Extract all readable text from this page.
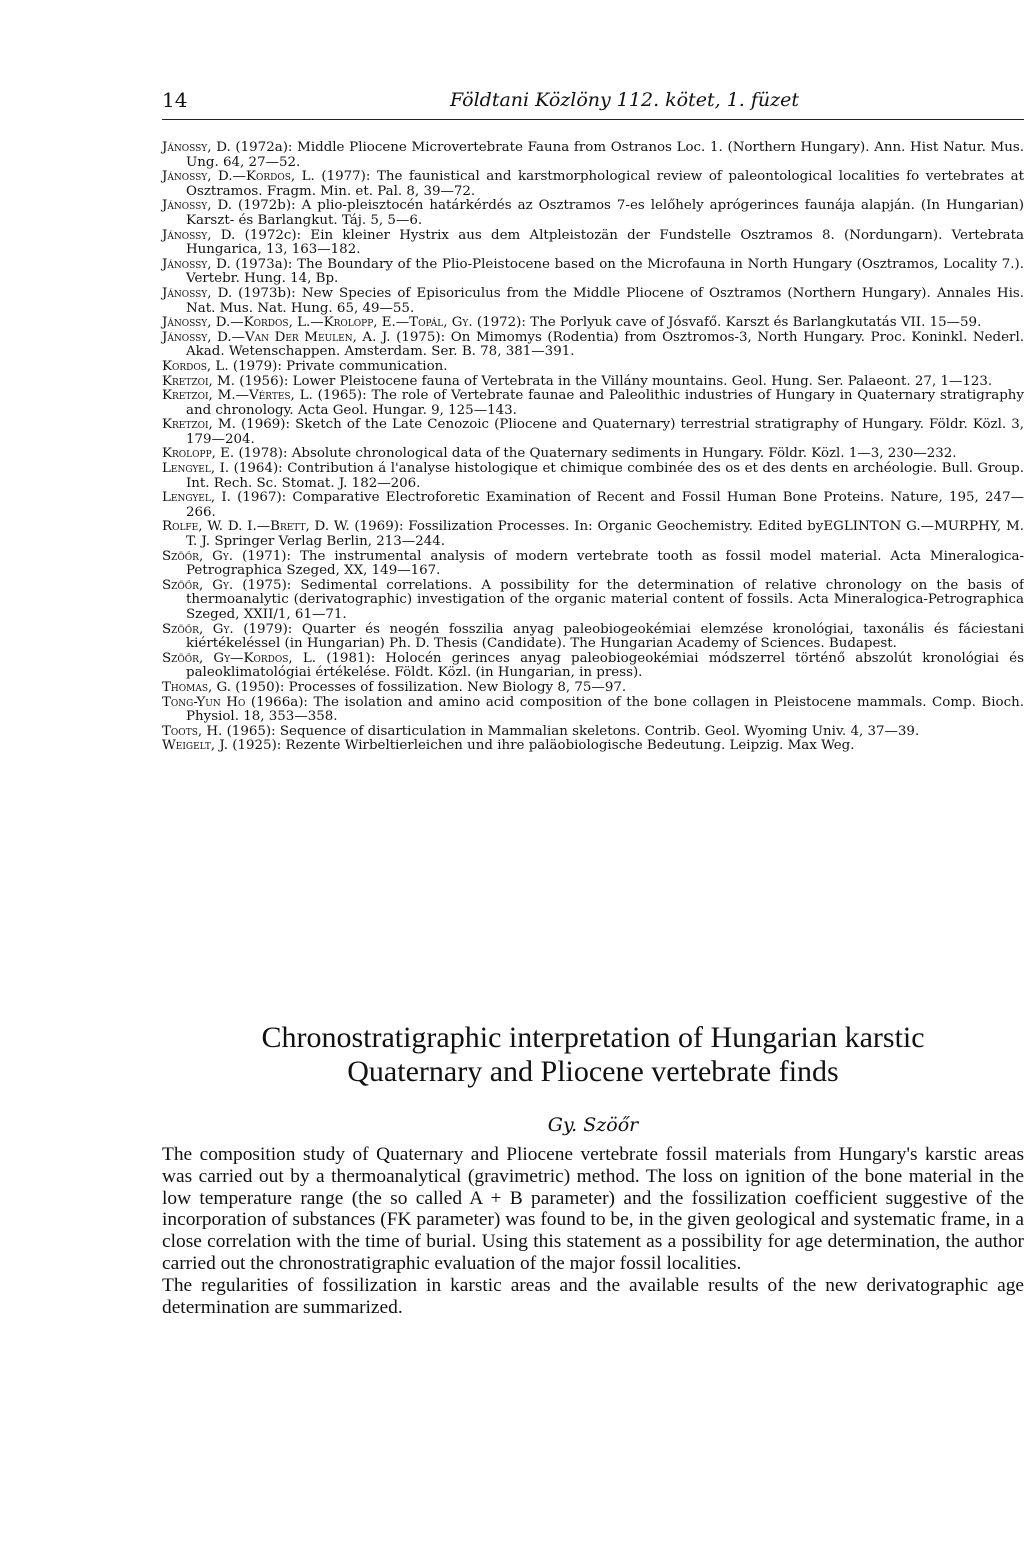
14	Földtani Közlöny 112. kötet, 1. füzet

Jánossy, D. (1972a): Middle Pliocene Microvertebrate Fauna from Ostranos Loc. 1. (Northern Hungary). Ann. Hist Natur. Mus. Ung. 64, 27—52.

Jánossy, D.—Kordos, L. (1977): The faunistical and karstmorphological review of paleontological localities fo vertebrates at Osztramos. Fragm. Min. et. Pal. 8, 39—72.

Jánossy, D. (1972b): A plio-pleisztocén határkérdés az Osztramos 7-es lelőhely aprógerinces faunája alapján. (In Hungarian) Karszt- és Barlangkut. Táj. 5, 5—6.

Jánossy, D. (1972c): Ein kleiner Hystrix aus dem Altpleistozän der Fundstelle Osztramos 8. (Nordungarn). Vertebrata Hungarica, 13, 163—182.

Jánossy, D. (1973a): The Boundary of the Plio-Pleistocene based on the Microfauna in North Hungary (Osztramos, Locality 7.). Vertebr. Hung. 14, Bp.

Jánossy, D. (1973b): New Species of Episoriculus from the Middle Pliocene of Osztramos (Northern Hungary). Annales His. Nat. Mus. Nat. Hung. 65, 49—55.

Jánossy, D.—Kordos, L.—Krolopp, E.—Topál, Gy. (1972): The Porlyuk cave of Jósvafő. Karszt és Barlangkutatás VII. 15—59.

Jánossy, D.—Van Der Meulen, A. J. (1975): On Mimomys (Rodentia) from Osztromos-3, North Hungary. Proc. Koninkl. Nederl. Akad. Wetenschappen. Amsterdam. Ser. B. 78, 381—391.

Kordos, L. (1979): Private communication.

Kretzoi, M. (1956): Lower Pleistocene fauna of Vertebrata in the Villány mountains. Geol. Hung. Ser. Palaeont. 27, 1—123.

Kretzoi, M.—Vértes, L. (1965): The role of Vertebrate faunae and Paleolithic industries of Hungary in Quaternary stratigraphy and chronology. Acta Geol. Hungar. 9, 125—143.

Kretzoi, M. (1969): Sketch of the Late Cenozoic (Pliocene and Quaternary) terrestrial stratigraphy of Hungary. Földr. Közl. 3, 179—204.

Krolopp, E. (1978): Absolute chronological data of the Quaternary sediments in Hungary. Földr. Közl. 1—3, 230—232.

Lengyel, I. (1964): Contribution á l'analyse histologique et chimique combinée des os et des dents en archéologie. Bull. Group. Int. Rech. Sc. Stomat. J. 182—206.

Lengyel, I. (1967): Comparative Electroforetic Examination of Recent and Fossil Human Bone Proteins. Nature, 195, 247—266.

Rolfe, W. D. I.—Brett, D. W. (1969): Fossilization Processes. In: Organic Geochemistry. Edited byEGLINTON G.—MURPHY, M. T. J. Springer Verlag Berlin, 213—244.

Szöőr, Gy. (1971): The instrumental analysis of modern vertebrate tooth as fossil model material. Acta Mineralogica-Petrographica Szeged, XX, 149—167.

Szöőr, Gy. (1975): Sedimental correlations. A possibility for the determination of relative chronology on the basis of thermoanalytic (derivatographic) investigation of the organic material content of fossils. Acta Mineralogica-Petrographica Szeged, XXII/1, 61—71.

Szöőr, Gy. (1979): Quarter és neogén fosszilia anyag paleobiogeokémiai elemzése kronológiai, taxonális és fáciestani kiértékeléssel (in Hungarian) Ph. D. Thesis (Candidate). The Hungarian Academy of Sciences. Budapest.

Szöőr, Gy—Kordos, L. (1981): Holocén gerinces anyag paleobiogeokémiai módszerrel történő abszolút kronológiai és paleoklimatológiai értékelése. Földt. Közl. (in Hungarian, in press).

Thomas, G. (1950): Processes of fossilization. New Biology 8, 75—97.

Tong-Yun Ho (1966a): The isolation and amino acid composition of the bone collagen in Pleistocene mammals. Comp. Bioch. Physiol. 18, 353—358.

Toots, H. (1965): Sequence of disarticulation in Mammalian skeletons. Contrib. Geol. Wyoming Univ. 4, 37—39.

Weigelt, J. (1925): Rezente Wirbeltierleichen und ihre paläobiologische Bedeutung. Leipzig. Max Weg.

Chronostratigraphic interpretation of Hungarian karstic
Quaternary and Pliocene vertebrate finds
Gy. Szöőr

The composition study of Quaternary and Pliocene vertebrate fossil materials from Hungary's karstic areas was carried out by a thermoanalytical (gravimetric) method. The loss on ignition of the bone material in the low temperature range (the so called A + B parameter) and the fossilization coefficient suggestive of the incorporation of substances (FK parameter) was found to be, in the given geological and systematic frame, in a close correlation with the time of burial. Using this statement as a possibility for age determination, the author carried out the chronostratigraphic evaluation of the major fossil localities.

The regularities of fossilization in karstic areas and the available results of the new derivatographic age determination are summarized.
